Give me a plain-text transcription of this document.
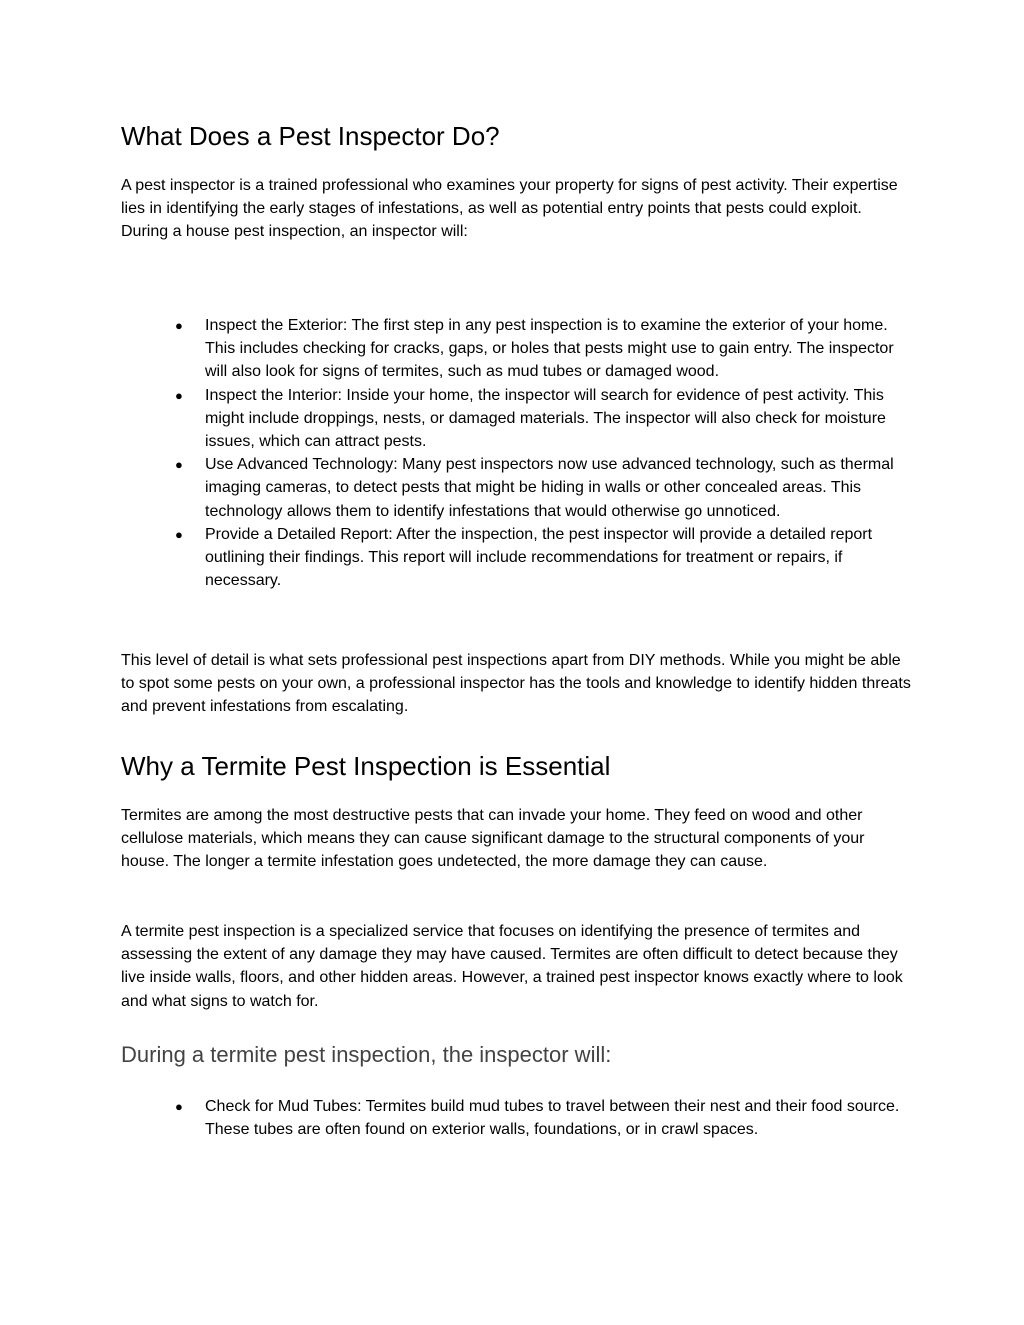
What Does a Pest Inspector Do?

A pest inspector is a trained professional who examines your property for signs of pest activity. Their expertise lies in identifying the early stages of infestations, as well as potential entry points that pests could exploit. During a house pest inspection, an inspector will:

● Inspect the Exterior: The first step in any pest inspection is to examine the exterior of your home. This includes checking for cracks, gaps, or holes that pests might use to gain entry. The inspector will also look for signs of termites, such as mud tubes or damaged wood.
● Inspect the Interior: Inside your home, the inspector will search for evidence of pest activity. This might include droppings, nests, or damaged materials. The inspector will also check for moisture issues, which can attract pests.
● Use Advanced Technology: Many pest inspectors now use advanced technology, such as thermal imaging cameras, to detect pests that might be hiding in walls or other concealed areas. This technology allows them to identify infestations that would otherwise go unnoticed.
● Provide a Detailed Report: After the inspection, the pest inspector will provide a detailed report outlining their findings. This report will include recommendations for treatment or repairs, if necessary.

This level of detail is what sets professional pest inspections apart from DIY methods. While you might be able to spot some pests on your own, a professional inspector has the tools and knowledge to identify hidden threats and prevent infestations from escalating.

Why a Termite Pest Inspection is Essential

Termites are among the most destructive pests that can invade your home. They feed on wood and other cellulose materials, which means they can cause significant damage to the structural components of your house. The longer a termite infestation goes undetected, the more damage they can cause.

A termite pest inspection is a specialized service that focuses on identifying the presence of termites and assessing the extent of any damage they may have caused. Termites are often difficult to detect because they live inside walls, floors, and other hidden areas. However, a trained pest inspector knows exactly where to look and what signs to watch for.

During a termite pest inspection, the inspector will:
● Check for Mud Tubes: Termites build mud tubes to travel between their nest and their food source. These tubes are often found on exterior walls, foundations, or in crawl spaces.
